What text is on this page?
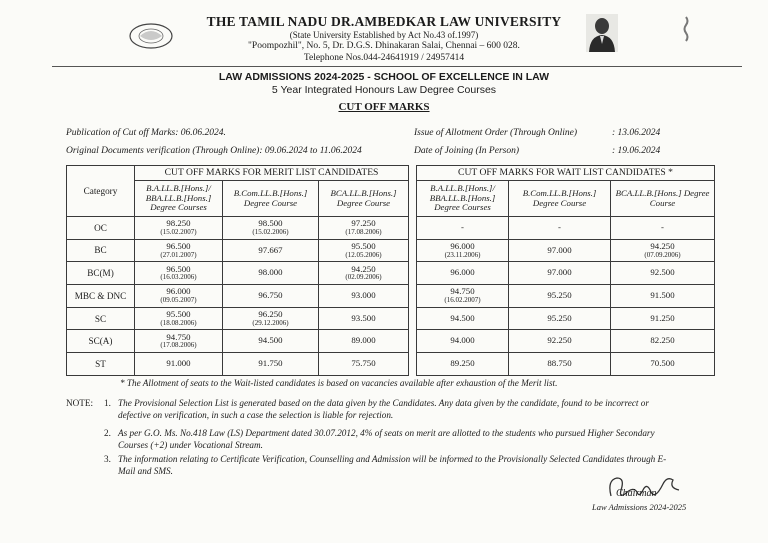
THE TAMIL NADU DR.AMBEDKAR LAW UNIVERSITY
(State University Established by Act No.43 of.1997)
"Poompozhil", No. 5, Dr. D.G.S. Dhinakaran Salai, Chennai – 600 028.
Telephone Nos.044-24641919 / 24957414
LAW ADMISSIONS 2024-2025 - SCHOOL OF EXCELLENCE IN LAW
5 Year Integrated Honours Law Degree Courses
CUT OFF MARKS
Publication of Cut off Marks: 06.06.2024.
Original Documents verification (Through Online): 09.06.2024 to 11.06.2024
Issue of Allotment Order (Through Online)	: 13.06.2024
Date of Joining (In Person)	: 19.06.2024
Category	CUT OFF MARKS FOR MERIT LIST CANDIDATES				CUT OFF MARKS FOR WAIT LIST CANDIDATES *		
	B.A.LL.B.[Hons.]/ BBA.LL.B.[Hons.] Degree Courses	B.Com.LL.B.[Hons.] Degree Course	BCA.LL.B.[Hons.] Degree Course		B.A.LL.B.[Hons.]/ BBA.LL.B.[Hons.] Degree Courses	B.Com.LL.B.[Hons.] Degree Course	BCA.LL.B.[Hons.] Degree Course
OC	98.250
(15.02.2007)	98.500
(15.02.2006)	97.250
(17.08.2006)		-	-	-
BC	96.500
(27.01.2007)	97.667	95.500
(12.05.2006)		96.000
(23.11.2006)	97.000	94.250
(07.09.2006)

BC(M)	96.500
(16.03.2006)	98.000	94.250
(02.09.2006)		96.000	97.000	92.500
MBC & DNC	96.000
(09.05.2007)	96.750	93.000		94.750
(16.02.2007)	95.250	91.500
SC	95.500
(18.08.2006)	96.250
(29.12.2006)	93.500		94.500	95.250	91.250
SC(A)	94.750
(17.08.2006)	94.500	89.000		94.000	92.250	82.250
ST	91.000	91.750	75.750		89.250	88.750	70.500
* The Allotment of seats to the Wait-listed candidates is based on vacancies available after exhaustion of the Merit list.
NOTE: 1. The Provisional Selection List is generated based on the data given by the Candidates. Any data given by the candidate, found to be incorrect or defective on verification, in such a case the selection is liable for rejection.
2. As per G.O. Ms. No.418 Law (LS) Department dated 30.07.2012, 4% of seats on merit are allotted to the students who pursued Higher Secondary Courses (+2) under Vocational Stream.
3. The information relating to Certificate Verification, Counselling and Admission will be informed to the Provisionally Selected Candidates through E- Mail and SMS.
Chairman
Law Admissions 2024-2025
